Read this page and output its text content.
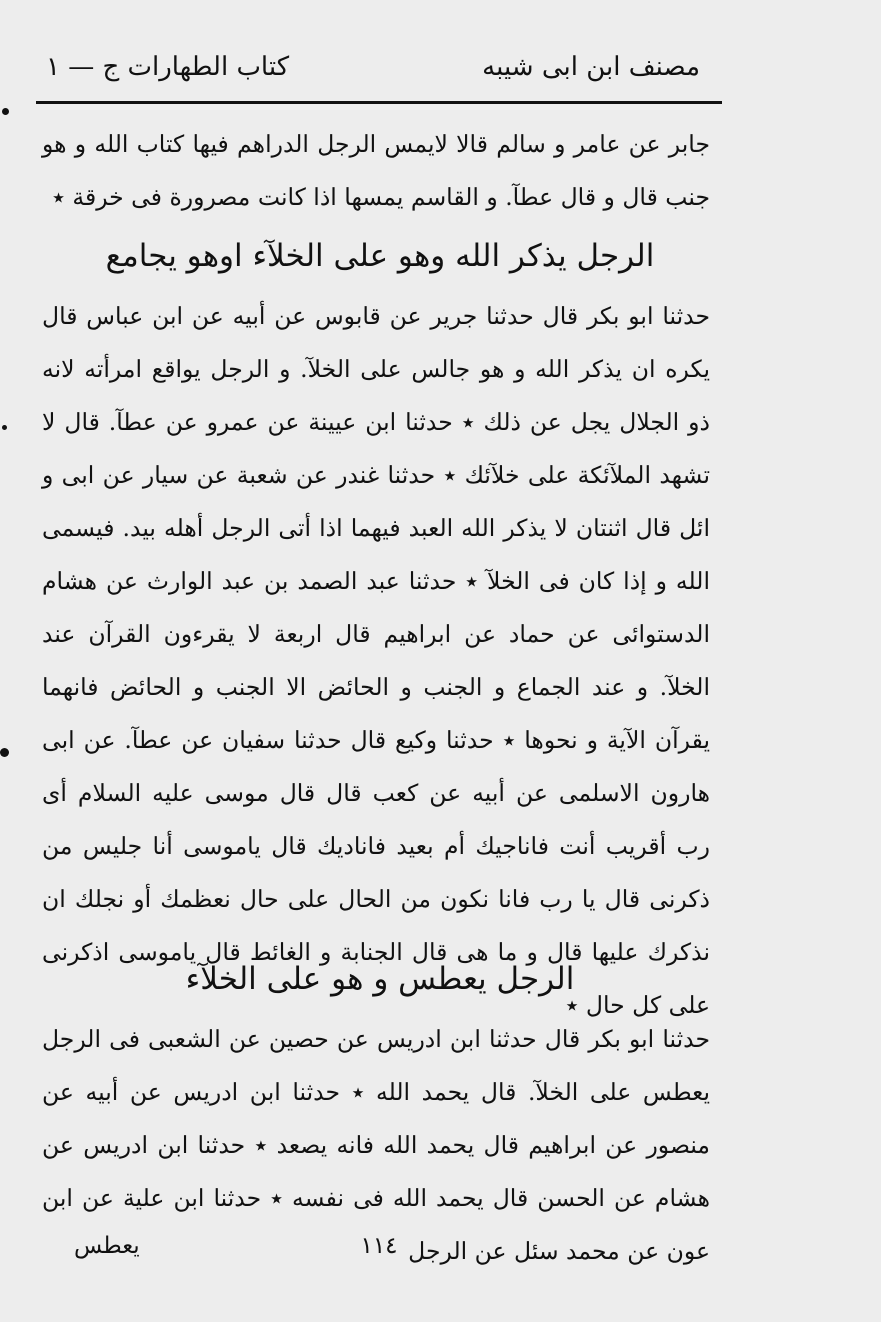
مصنف ابن ابى شيبه
كتاب الطهارات ج — ١
جابر عن عامر و سالم قالا لايمس الرجل الدراهم فيها كتاب الله و هو جنب قال و قال عطآ. و القاسم يمسها اذا كانت مصرورة فى خرقة ٭
الرجل يذكر الله وهو على الخلآء اوهو يجامع
حدثنا ابو بكر قال حدثنا جرير عن قابوس عن أبيه عن ابن عباس قال يكره ان يذكر الله و هو جالس على الخلآ. و الرجل يواقع امرأته لانه ذو الجلال يجل عن ذلك ٭ حدثنا ابن عيينة عن عمرو عن عطآ. قال لا تشهد الملآئكة على خلآئك ٭ حدثنا غندر عن شعبة عن سيار عن ابى و ائل قال اثنتان لا يذكر الله العبد فيهما اذا أتى الرجل أهله بيد. فيسمى الله و إذا كان فى الخلآ ٭ حدثنا عبد الصمد بن عبد الوارث عن هشام الدستوائى عن حماد عن ابراهيم قال اربعة لا يقرءون القرآن عند الخلآ. و عند الجماع و الجنب و الحائض الا الجنب و الحائض فانهما يقرآن الآية و نحوها ٭ حدثنا وكيع قال حدثنا سفيان عن عطآ. عن ابى هارون الاسلمى عن أبيه عن كعب قال قال موسى عليه السلام أى رب أقريب أنت فاناجيك أم بعيد فاناديك قال ياموسى أنا جليس من ذكرنى قال يا رب فانا نكون من الحال على حال نعظمك أو نجلك ان نذكرك عليها قال و ما هى قال الجنابة و الغائط قال ياموسى اذكرنى على كل حال ٭
الرجل يعطس و هو على الخلآء
حدثنا ابو بكر قال حدثنا ابن ادريس عن حصين عن الشعبى فى الرجل يعطس على الخلآ. قال يحمد الله ٭ حدثنا ابن ادريس عن أبيه عن منصور عن ابراهيم قال يحمد الله فانه يصعد ٭ حدثنا ابن ادريس عن هشام عن الحسن قال يحمد الله فى نفسه ٭ حدثنا ابن علية عن ابن عون عن محمد سئل عن الرجل
١١٤
يعطس
